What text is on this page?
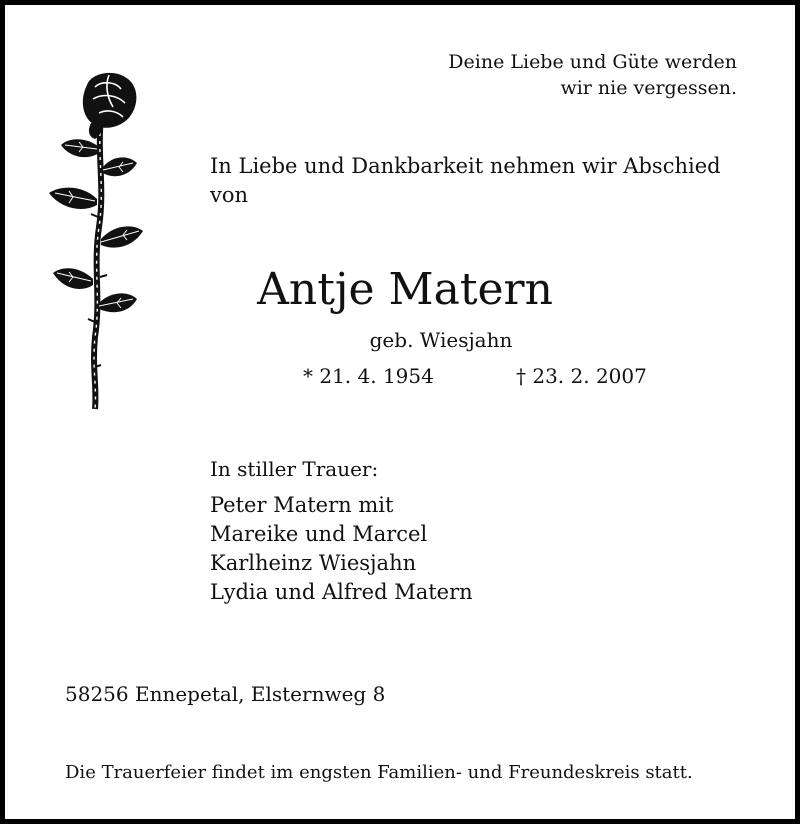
Deine Liebe und Güte werden
wir nie vergessen.
In Liebe und Dankbarkeit nehmen wir Abschied
von
Antje Matern
geb. Wiesjahn
* 21. 4. 1954	† 23. 2. 2007
In stiller Trauer:
Peter Matern mit
Mareike und Marcel
Karlheinz Wiesjahn
Lydia und Alfred Matern
58256 Ennepetal, Elsternweg 8
Die Trauerfeier findet im engsten Familien- und Freundeskreis statt.
